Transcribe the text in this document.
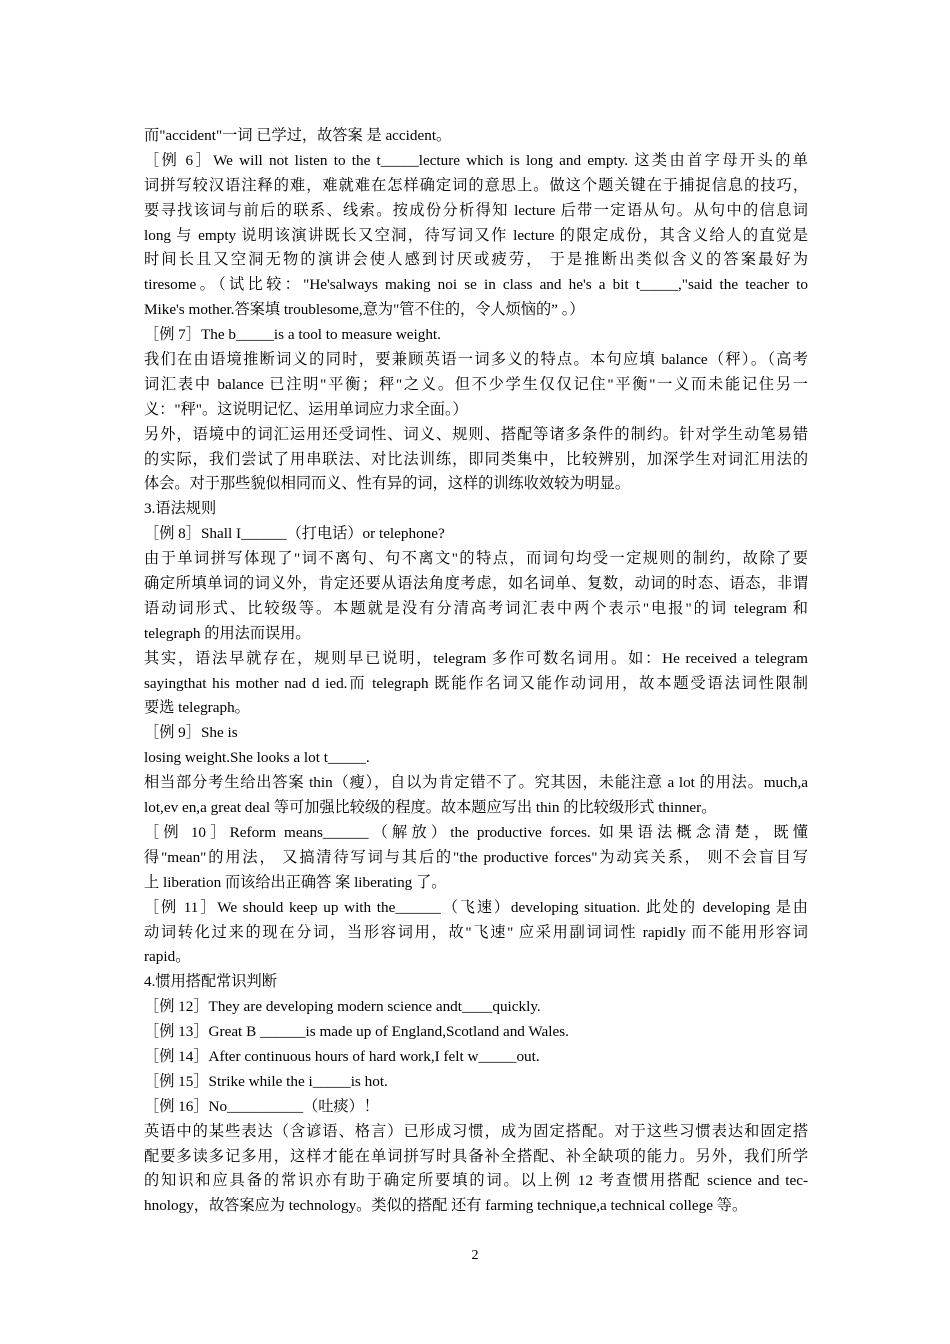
而"accident"一词 已学过，故答案 是 accident。
［例 6］We will not listen to the t_____lecture which is long and empty. 这类由首字母开头的单
词拼写较汉语注释的难，难就难在怎样确定词的意思上。做这个题关键在于捕捉信息的技巧，
要寻找该词与前后的联系、线索。按成份分析得知 lecture 后带一定语从句。从句中的信息词
long 与 empty 说明该演讲既长又空洞，待写词又作 lecture 的限定成份，其含义给人的直觉是
时间长且又空洞无物的演讲会使人感到讨厌或疲劳， 于是推断出类似含义的答案最好为
tiresome。（试比较："He'salways making noi se in class and he's a bit t_____,"said the teacher to
Mike's mother.答案填 troublesome,意为"管不住的，令人烦恼的” 。）
［例 7］The b_____is a tool to measure weight.
我们在由语境推断词义的同时，要兼顾英语一词多义的特点。本句应填 balance（秤）。（高考
词汇表中 balance 已注明"平衡；秤"之义。但不少学生仅仅记住"平衡"一义而未能记住另一
义："秤"。这说明记忆、运用单词应力求全面。）
另外，语境中的词汇运用还受词性、词义、规则、搭配等诸多条件的制约。针对学生动笔易错
的实际，我们尝试了用串联法、对比法训练，即同类集中，比较辨别，加深学生对词汇用法的
体会。对于那些貌似相同而义、性有异的词，这样的训练收效较为明显。
3.语法规则
［例 8］Shall I______（打电话）or telephone?
由于单词拼写体现了"词不离句、句不离文"的特点，而词句均受一定规则的制约，故除了要
确定所填单词的词义外，肯定还要从语法角度考虑，如名词单、复数，动词的时态、语态，非谓
语动词形式、比较级等。本题就是没有分清高考词汇表中两个表示"电报"的词 telegram 和
telegraph 的用法而误用。
其实，语法早就存在，规则早已说明，telegram 多作可数名词用。如：He received a telegram
sayingthat his mother nad d ied.而 telegraph 既能作名词又能作动词用，故本题受语法词性限制
要选 telegraph。
［例 9］She is
losing weight.She looks a lot t_____.
相当部分考生给出答案 thin（瘦），自以为肯定错不了。究其因，未能注意 a lot 的用法。much,a
lot,ev en,a great deal 等可加强比较级的程度。故本题应写出 thin 的比较级形式 thinner。
［例 10］Reform means______（解放）the productive forces. 如果语法概念清楚，既懂
得"mean"的用法， 又搞清待写词与其后的"the productive forces"为动宾关系， 则不会盲目写
上 liberation 而该给出正确答 案 liberating 了。
［例 11］We should keep up with the______（飞速）developing situation. 此处的 developing 是由
动词转化过来的现在分词，当形容词用，故"飞速" 应采用副词词性 rapidly 而不能用形容词
rapid。
4.惯用搭配常识判断
［例 12］They are developing modern science andt____quickly.
［例 13］Great B ______is made up of England,Scotland and Wales.
［例 14］After continuous hours of hard work,I felt w_____out.
［例 15］Strike while the i_____is hot.
［例 16］No__________（吐痰）！
英语中的某些表达（含谚语、格言）已形成习惯，成为固定搭配。对于这些习惯表达和固定搭
配要多读多记多用，这样才能在单词拼写时具备补全搭配、补全缺项的能力。另外，我们所学
的知识和应具备的常识亦有助于确定所要填的词。以上例 12 考查惯用搭配 science and tec-
hnology，故答案应为 technology。类似的搭配 还有 farming technique,a technical college 等。
2
